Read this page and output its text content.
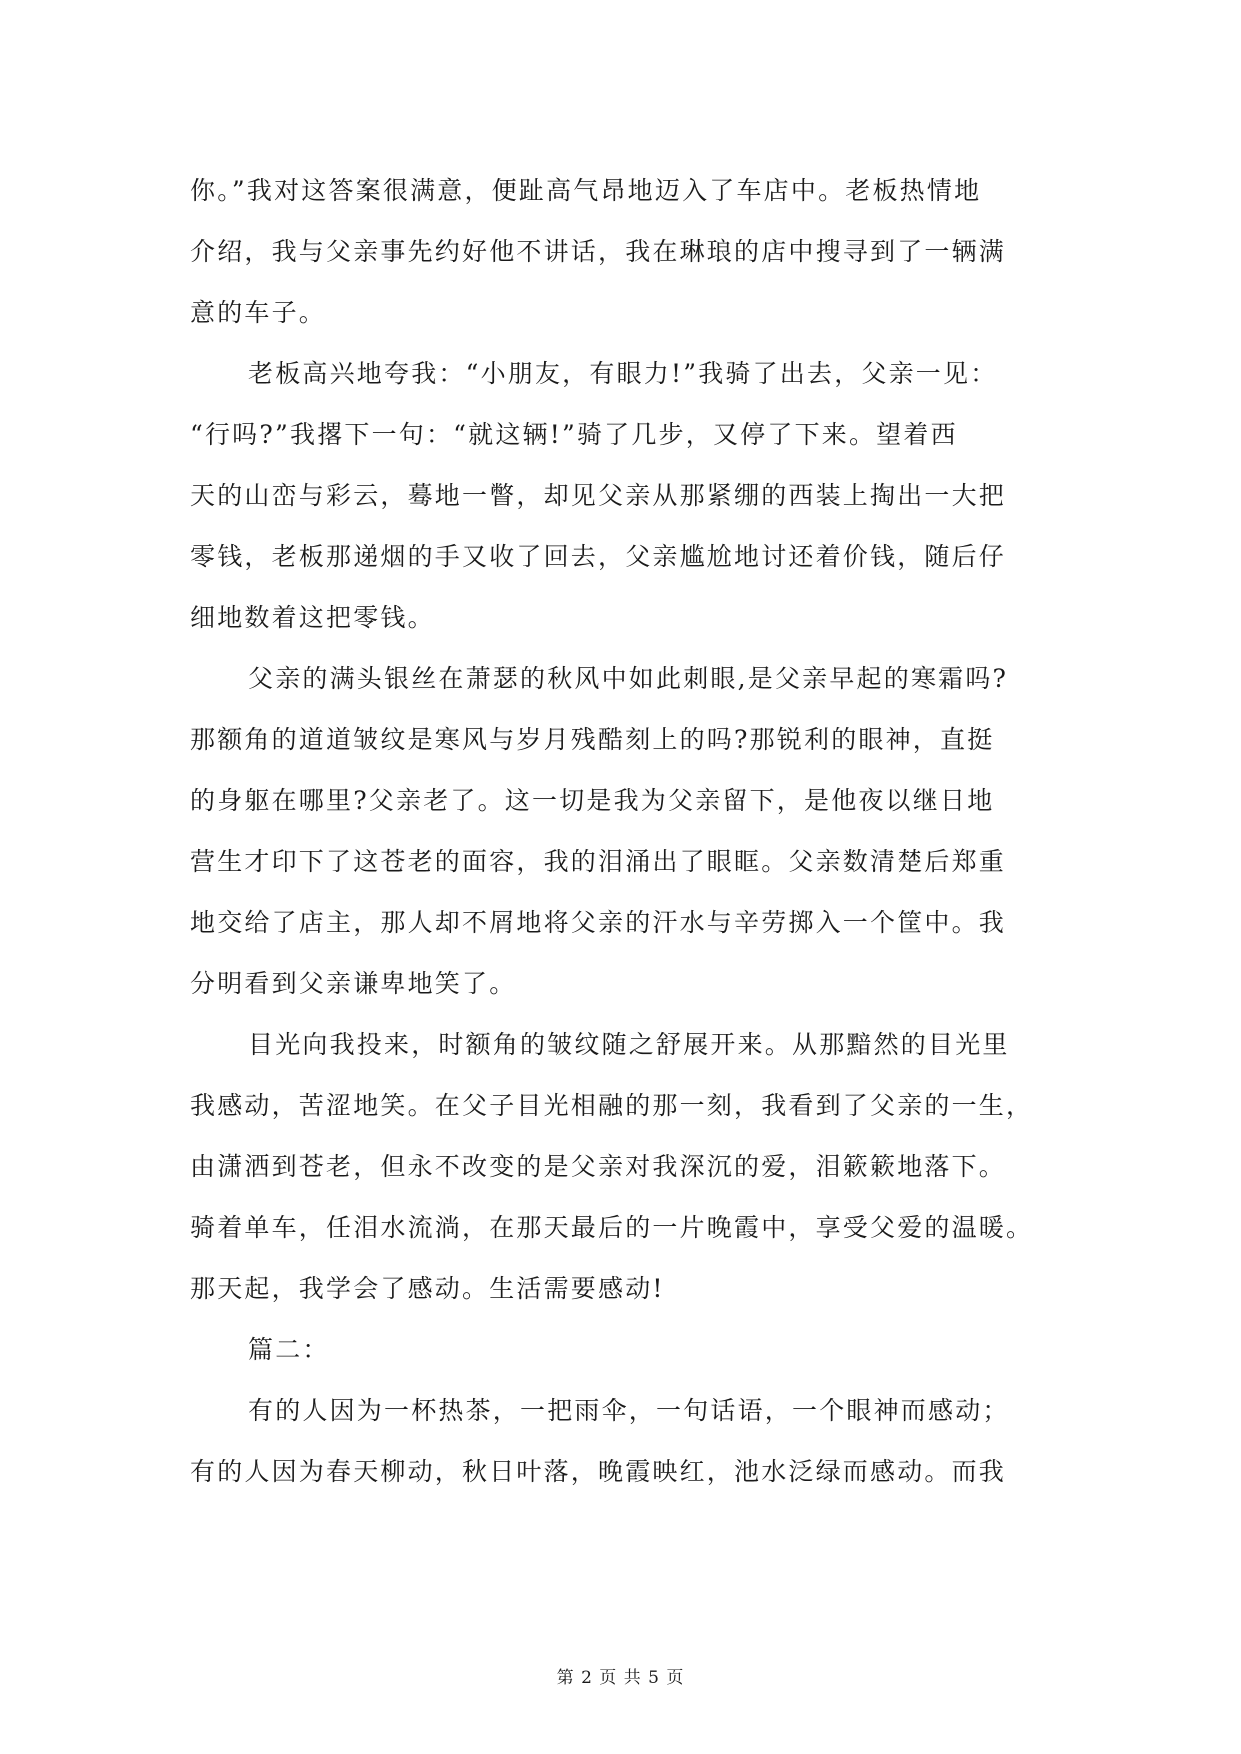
你。”我对这答案很满意，便趾高气昂地迈入了车店中。老板热情地
介绍，我与父亲事先约好他不讲话，我在琳琅的店中搜寻到了一辆满
意的车子。
老板高兴地夸我：“小朋友，有眼力!”我骑了出去，父亲一见：
“行吗?”我撂下一句：“就这辆!”骑了几步，又停了下来。望着西
天的山峦与彩云，蓦地一瞥，却见父亲从那紧绷的西装上掏出一大把
零钱，老板那递烟的手又收了回去，父亲尴尬地讨还着价钱，随后仔
细地数着这把零钱。
父亲的满头银丝在萧瑟的秋风中如此刺眼,是父亲早起的寒霜吗?
那额角的道道皱纹是寒风与岁月残酷刻上的吗?那锐利的眼神，直挺
的身躯在哪里?父亲老了。这一切是我为父亲留下，是他夜以继日地
营生才印下了这苍老的面容，我的泪涌出了眼眶。父亲数清楚后郑重
地交给了店主，那人却不屑地将父亲的汗水与辛劳掷入一个筐中。我
分明看到父亲谦卑地笑了。
目光向我投来，时额角的皱纹随之舒展开来。从那黯然的目光里
我感动，苦涩地笑。在父子目光相融的那一刻，我看到了父亲的一生，
由潇洒到苍老，但永不改变的是父亲对我深沉的爱，泪簌簌地落下。
骑着单车，任泪水流淌，在那天最后的一片晚霞中，享受父爱的温暖。
那天起，我学会了感动。生活需要感动!
篇二：
有的人因为一杯热茶，一把雨伞，一句话语，一个眼神而感动；
有的人因为春天柳动，秋日叶落，晚霞映红，池水泛绿而感动。而我
第 2 页 共 5 页
